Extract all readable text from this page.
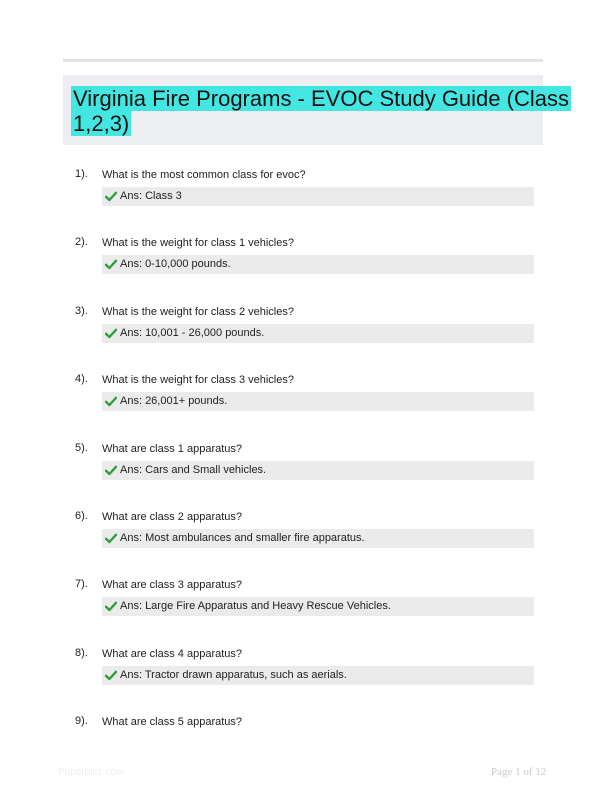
Virginia Fire Programs - EVOC Study Guide (Class 1,2,3)
1). What is the most common class for evoc?
Ans: Class 3
2). What is the weight for class 1 vehicles?
Ans: 0-10,000 pounds.
3). What is the weight for class 2 vehicles?
Ans: 10,001 - 26,000 pounds.
4). What is the weight for class 3 vehicles?
Ans: 26,001+ pounds.
5). What are class 1 apparatus?
Ans: Cars and Small vehicles.
6). What are class 2 apparatus?
Ans: Most ambulances and smaller fire apparatus.
7). What are class 3 apparatus?
Ans: Large Fire Apparatus and Heavy Rescue Vehicles.
8). What are class 4 apparatus?
Ans: Tractor drawn apparatus, such as aerials.
9). What are class 5 apparatus?
Paperblitz.com	Page 1 of 12
